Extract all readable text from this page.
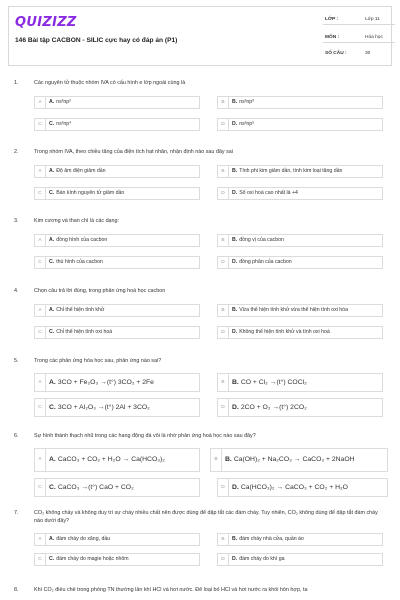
QUIZIZZ
146 Bài tập CACBON - SILIC cực hay có đáp án (P1)
LỚP :	Lớp 11
MÔN :	Hóa học
SỐ CÂU :	30
1.	Các nguyên tử thuộc nhóm IVA có cấu hình e lớp ngoài cùng là
A	A. ns²np²	B	B. ns²np³
C	C. ns²np⁴	D	D. ns²np⁵
2.	Trong nhóm IVA, theo chiều tăng của điện tích hạt nhân, nhận định nào sau đây sai
A	A. Độ âm điện giảm dần	B	B. Tính phi kim giảm dần, tính kim loại tăng dần
C	C. Bán kính nguyên tử giảm dần	D	D. Số oxi hoá cao nhất là +4
3.	Kim cương và than chì là các dạng:
A	A. đồng hình của cacbon	B	B. đồng vị của cacbon
C	C. thù hình của cacbon	D	D. đồng phân của cacbon
4.	Chọn câu trả lời đúng, trong phản ứng hoá học cacbon
A	A. Chỉ thể hiện tính khử	B	B. Vừa thể hiện tính khử vừa thể hiện tính oxi hóa
C	C. Chỉ thể hiện tính oxi hoá	D	D. Không thể hiện tính khử và tính oxi hoá
5.	Trong các phản ứng hóa học sau, phản ứng nào sai?
A	A. 3CO + Fe₂O₃ →(t°) 3CO₂ + 2Fe	B	B. CO + Cl₂ →(t°) COCl₂
C	C. 3CO + Al₂O₃ →(t°) 2Al + 3CO₂	D	D. 2CO + O₂ →(t°) 2CO₂
6.	Sự hình thành thạch nhũ trong các hang động đá vôi là nhờ phản ứng hoá học nào sau đây?
A	A. CaCO₃ + CO₂ + H₂O → Ca(HCO₃)₂	B	B. Ca(OH)₂ + Na₂CO₃ → CaCO₃ + 2NaOH
C	C. CaCO₃ →(t°) CaO + CO₂	D	D. Ca(HCO₃)₂ → CaCO₃ + CO₂ + H₂O
7.	CO₂ không cháy và không duy trì sự cháy nhiều chất nên được dùng để dập tắt các đám cháy. Tuy nhiên, CO₂ không dùng để dập tắt đám cháy nào dưới đây?
A	A. đám cháy do xăng, dầu	B	B. đám cháy nhà cửa, quần áo
C	C. đám cháy do magie hoặc nhôm	D	D. đám cháy do khí ga
8.	Khí CO₂ điều chế trong phòng TN thường lẫn khí HCl và hơi nước. Để loại bỏ HCl và hơi nước ra khỏi hỗn hợp, ta
